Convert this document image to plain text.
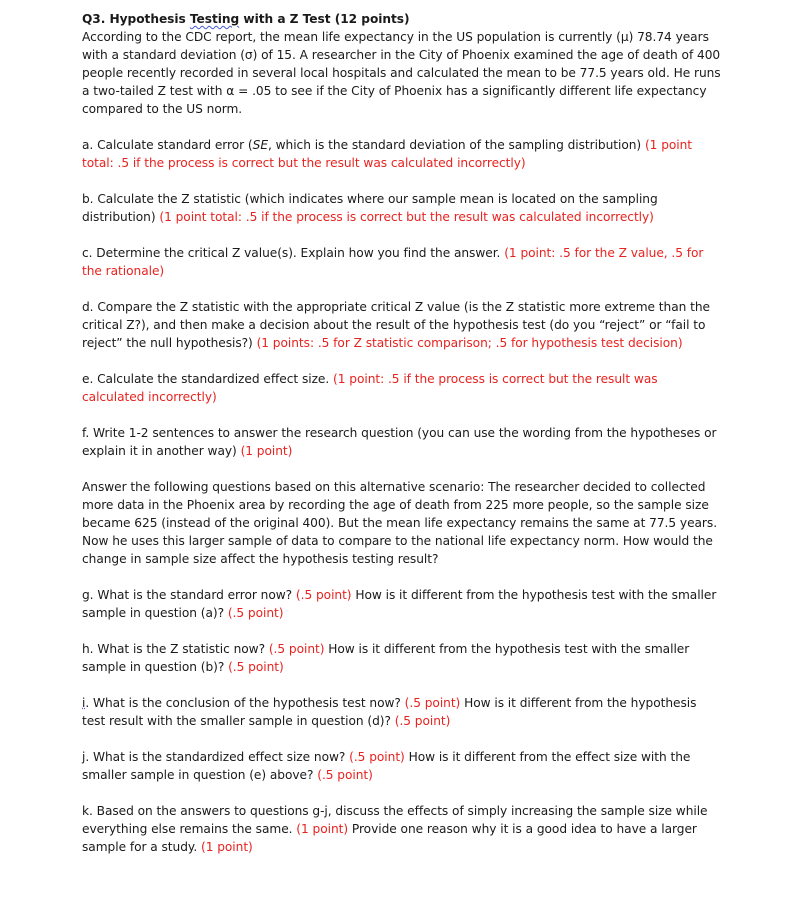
Q3. Hypothesis Testing with a Z Test (12 points)
According to the CDC report, the mean life expectancy in the US population is currently (μ) 78.74 years with a standard deviation (σ) of 15. A researcher in the City of Phoenix examined the age of death of 400 people recently recorded in several local hospitals and calculated the mean to be 77.5 years old. He runs a two-tailed Z test with α = .05 to see if the City of Phoenix has a significantly different life expectancy compared to the US norm.
a. Calculate standard error (SE, which is the standard deviation of the sampling distribution) (1 point total: .5 if the process is correct but the result was calculated incorrectly)
b. Calculate the Z statistic (which indicates where our sample mean is located on the sampling distribution) (1 point total: .5 if the process is correct but the result was calculated incorrectly)
c. Determine the critical Z value(s). Explain how you find the answer. (1 point: .5 for the Z value, .5 for the rationale)
d. Compare the Z statistic with the appropriate critical Z value (is the Z statistic more extreme than the critical Z?), and then make a decision about the result of the hypothesis test (do you “reject” or “fail to reject” the null hypothesis?) (1 points: .5 for Z statistic comparison; .5 for hypothesis test decision)
e. Calculate the standardized effect size. (1 point: .5 if the process is correct but the result was calculated incorrectly)
f. Write 1-2 sentences to answer the research question (you can use the wording from the hypotheses or explain it in another way) (1 point)
Answer the following questions based on this alternative scenario: The researcher decided to collected more data in the Phoenix area by recording the age of death from 225 more people, so the sample size became 625 (instead of the original 400). But the mean life expectancy remains the same at 77.5 years. Now he uses this larger sample of data to compare to the national life expectancy norm. How would the change in sample size affect the hypothesis testing result?
g. What is the standard error now? (.5 point) How is it different from the hypothesis test with the smaller sample in question (a)? (.5 point)
h. What is the Z statistic now? (.5 point) How is it different from the hypothesis test with the smaller sample in question (b)? (.5 point)
i. What is the conclusion of the hypothesis test now? (.5 point) How is it different from the hypothesis test result with the smaller sample in question (d)? (.5 point)
j. What is the standardized effect size now? (.5 point) How is it different from the effect size with the smaller sample in question (e) above? (.5 point)
k. Based on the answers to questions g-j, discuss the effects of simply increasing the sample size while everything else remains the same. (1 point) Provide one reason why it is a good idea to have a larger sample for a study. (1 point)
